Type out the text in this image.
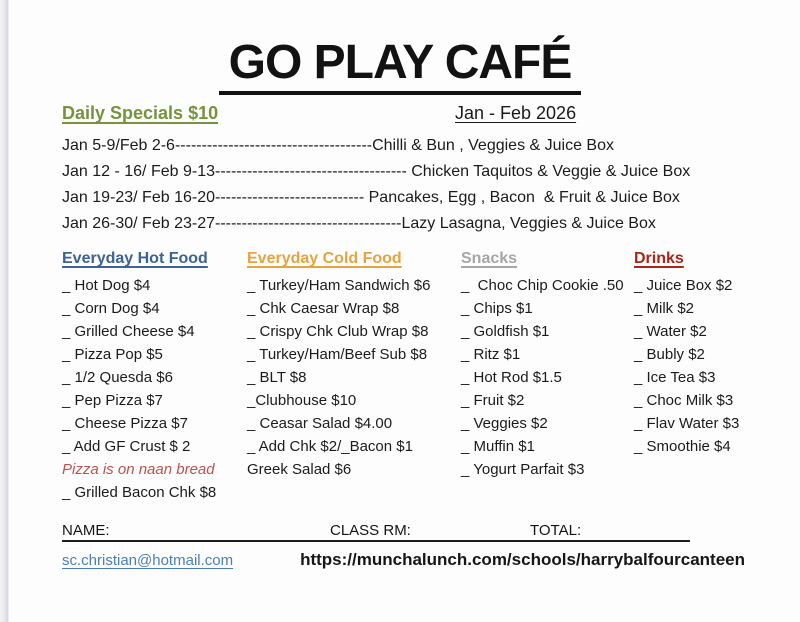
GO PLAY CAFÉ
Daily Specials $10	Jan - Feb 2026
Jan 5-9/Feb 2-6-------------------------------------Chilli & Bun , Veggies & Juice Box
Jan 12 - 16/ Feb 9-13------------------------------------ Chicken Taquitos & Veggie & Juice Box
Jan 19-23/ Feb 16-20---------------------------- Pancakes, Egg , Bacon  & Fruit & Juice Box
Jan 26-30/ Feb 23-27-----------------------------------Lazy Lasagna, Veggies & Juice Box
Everyday Hot Food
_ Hot Dog $4
_ Corn Dog $4
_ Grilled Cheese $4
_ Pizza Pop $5
_ 1/2 Quesda $6
_ Pep Pizza $7
_ Cheese Pizza $7
_ Add GF Crust $ 2
Pizza is on naan bread
_ Grilled Bacon Chk $8
Everyday Cold Food
_ Turkey/Ham Sandwich $6
_ Chk Caesar Wrap $8
_ Crispy Chk Club Wrap $8
_ Turkey/Ham/Beef Sub $8
_ BLT $8
_Clubhouse $10
_ Ceasar Salad $4.00
_ Add Chk $2/_Bacon $1
Greek Salad $6
Snacks
_  Choc Chip Cookie .50
_ Chips $1
_ Goldfish $1
_ Ritz $1
_ Hot Rod $1.5
_ Fruit $2
_ Veggies $2
_ Muffin $1
_ Yogurt Parfait $3
Drinks
_ Juice Box $2
_ Milk $2
_ Water $2
_ Bubly $2
_ Ice Tea $3
_ Choc Milk $3
_ Flav Water $3
_ Smoothie $4
NAME:	CLASS RM:	TOTAL:
sc.christian@hotmail.com	https://munchalunch.com/schools/harrybalfourcanteen
